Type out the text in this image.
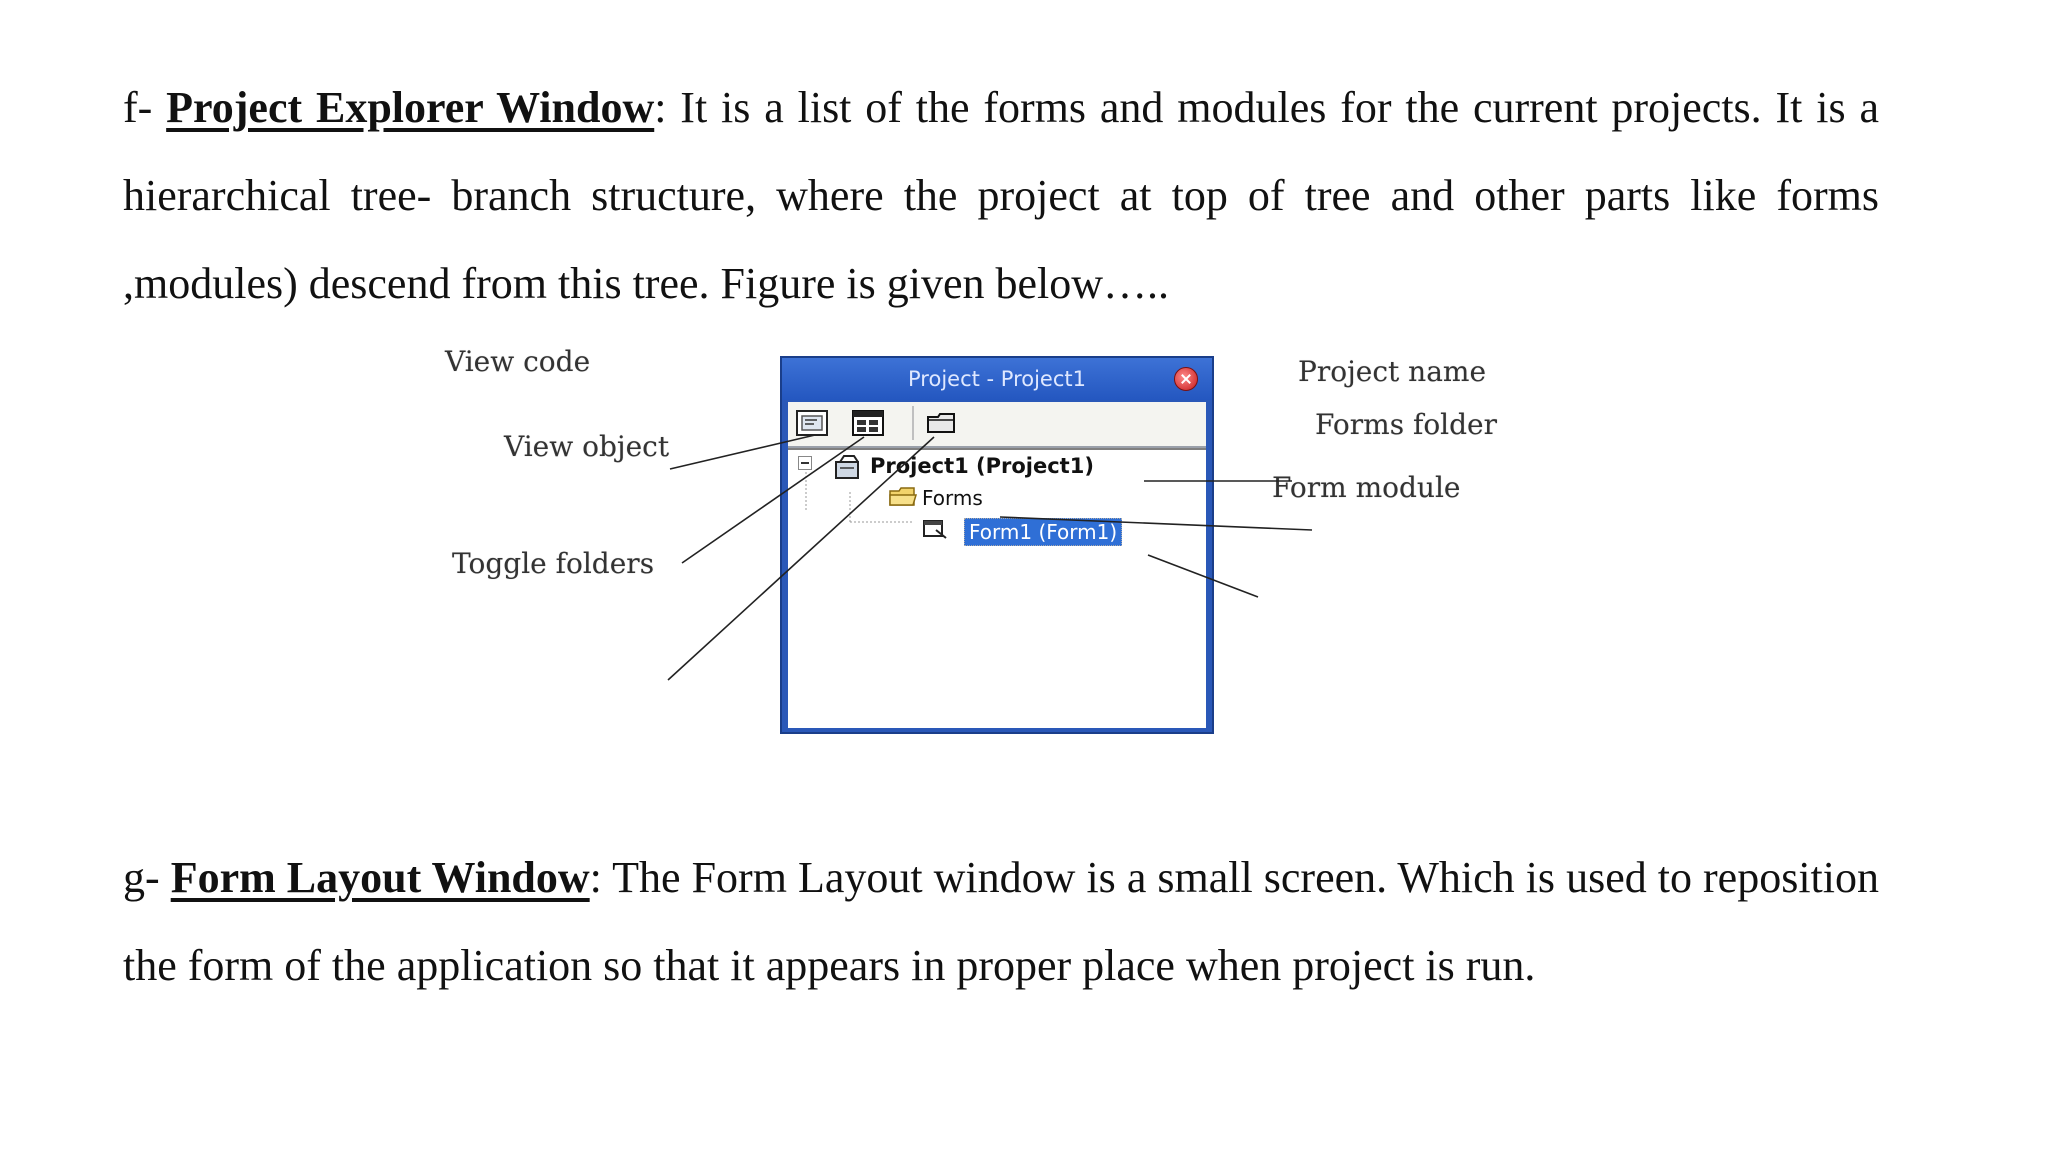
f- Project Explorer Window: It is a list of the forms and modules for the current projects. It is a hierarchical tree- branch structure, where the project at top of tree and other parts like forms ,modules) descend from this tree. Figure is given below…..

View code
View object
Toggle folders
Project name
Forms folder
Form module
Project - Project1
Project1 (Project1)
Forms
Form1 (Form1)

g- Form Layout Window: The Form Layout window is a small screen. Which is used to reposition the form of the application so that it appears in proper place when project is run.
